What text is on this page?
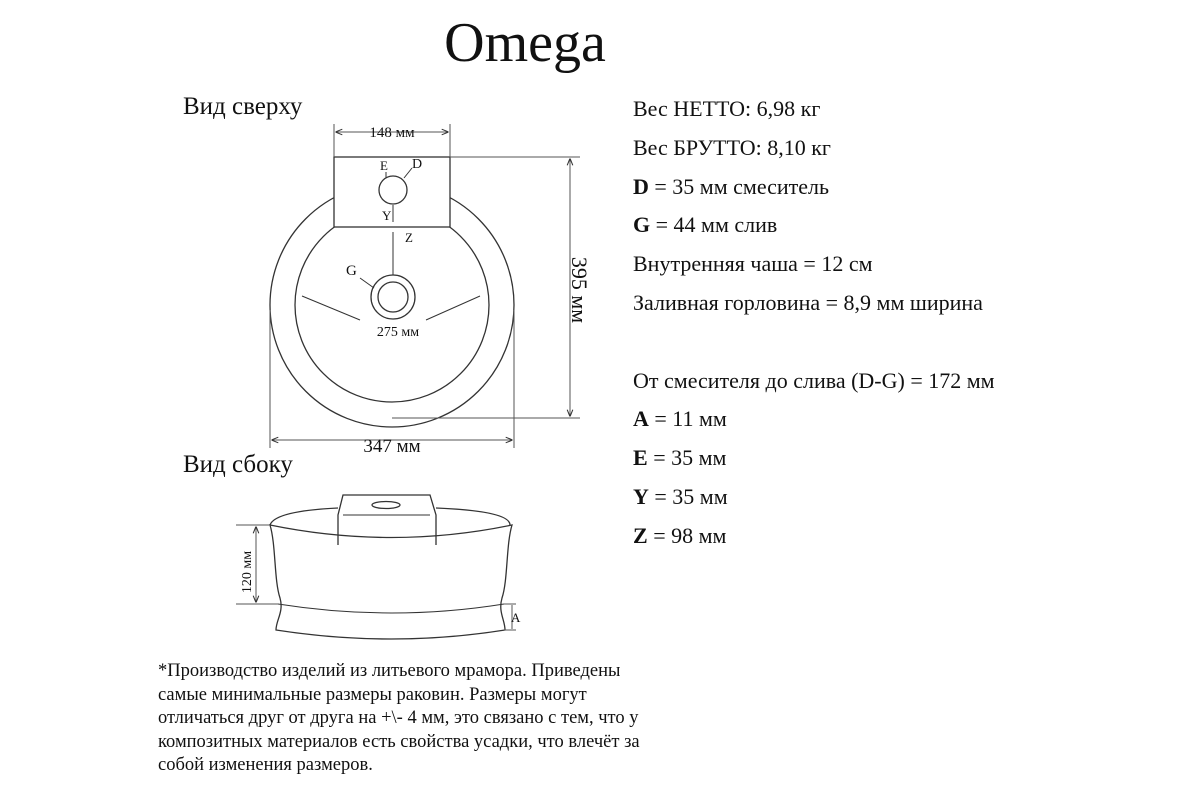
Omega
Вид сверху
Вид сбоку
148 мм
347 мм
395 мм
E D
Y
Z
G
275 мм
120 мм
A
Вес НЕТТО: 6,98 кг
Вес БРУТТО: 8,10 кг
D = 35 мм смеситель
G = 44 мм слив
Внутренняя чаша = 12 см
Заливная горловина = 8,9 мм ширина
От смесителя до слива (D-G) = 172 мм
A = 11 мм
E = 35 мм
Y = 35 мм
Z = 98 мм
*Производство изделий из литьевого мрамора. Приведены
самые минимальные размеры раковин. Размеры могут
отличаться друг от друга на +\- 4 мм, это связано с тем, что у
композитных материалов есть свойства усадки, что влечёт за
собой изменения размеров.
